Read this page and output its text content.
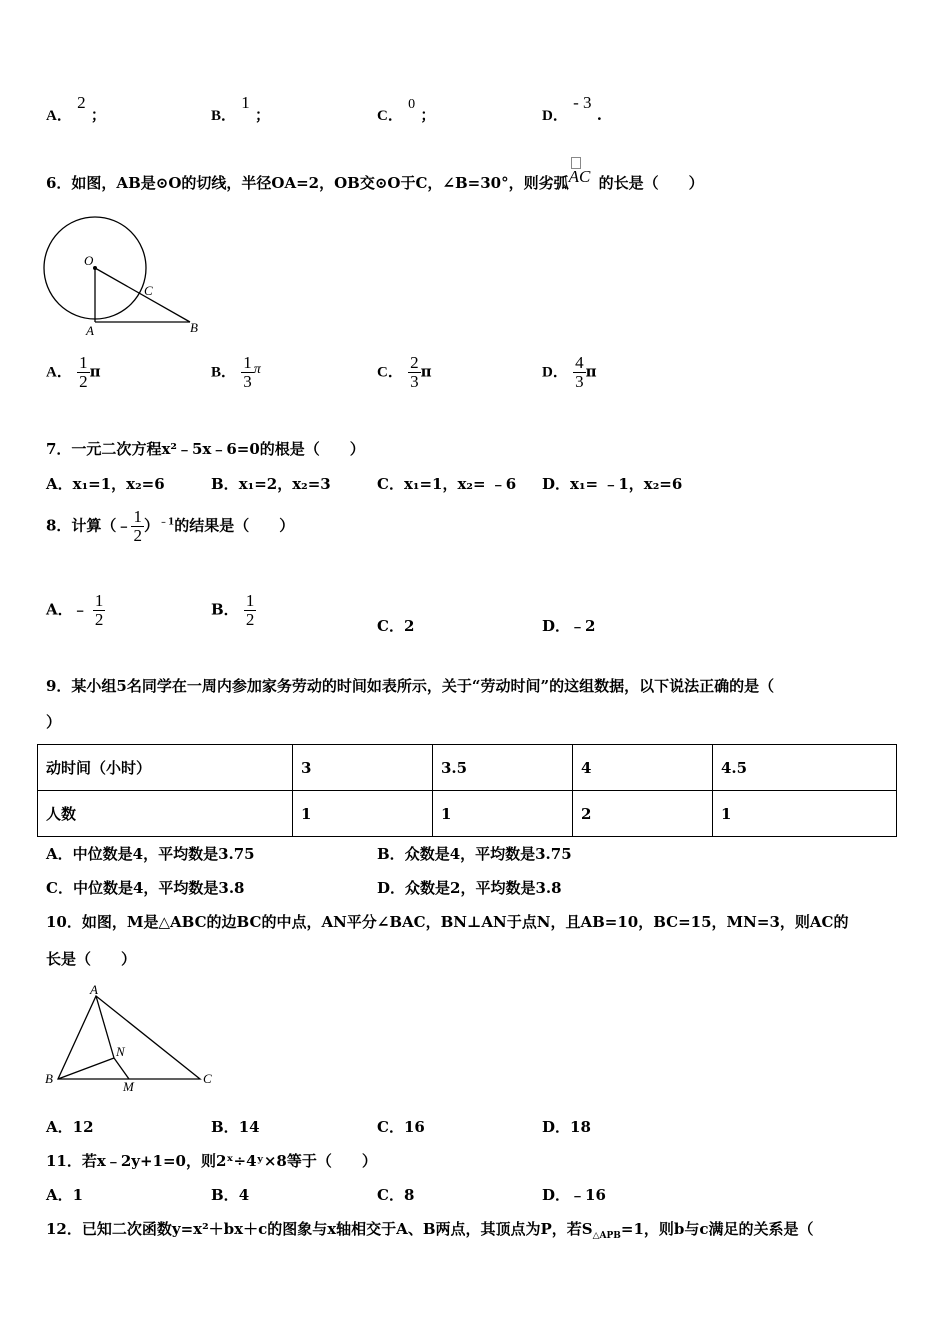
A． 2 ；	B． 1 ；	C． 0 ；	D． - 3 .
6．如图，AB是⊙O的切线，半径OA=2，OB交⊙O于C，∠B=30°，则劣弧
AC 的长是（　　）
O
A	B
C
A． $\frac{1}{2}$ π	B． $\frac{1}{3}$ π	C． $\frac{2}{3}$ π	D． $\frac{4}{3}$ π
7．一元二次方程x²﹣5x﹣6=0的根是（　　）
A．x₁=1，x₂=6	B．x₁=2，x₂=3	C．x₁=1，x₂= ﹣6 D．x₁= ﹣1，x₂=6
8．计算（﹣ $\frac{1}{2} )^{﹣1}$的结果是（　　）
A．﹣ $\frac{1}{2}$	B． $\frac{1}{2}$	C．2	D．﹣2
9．某小组5名同学在一周内参加家务劳动的时间如表所示，关于“劳动时间”的这组数据，以下说法正确的是（
）
动时间（小时）	3	3.5	4	4.5
人数	1	1	2	1
A．中位数是4，平均数是3.75	B．众数是4，平均数是3.75
C．中位数是4，平均数是3.8	D．众数是2，平均数是3.8
10．如图，M是△ABC的边BC的中点，AN平分∠BAC，BN⊥AN于点N，且AB=10，BC=15，MN=3，则AC的
长是（　　）
A
B	C
N
M
A．12	B．14	C．16	D．18
11．若x﹣2y+1=0，则2ˣ÷4ʸ×8等于（　　）
A．1	B．4	C．8	D．﹣16
12．已知二次函数y=x²＋bx＋c的图象与x轴相交于A、B两点，其顶点为P，若$S_{\triangle APB}=1$，则b与c满足的关系是（
